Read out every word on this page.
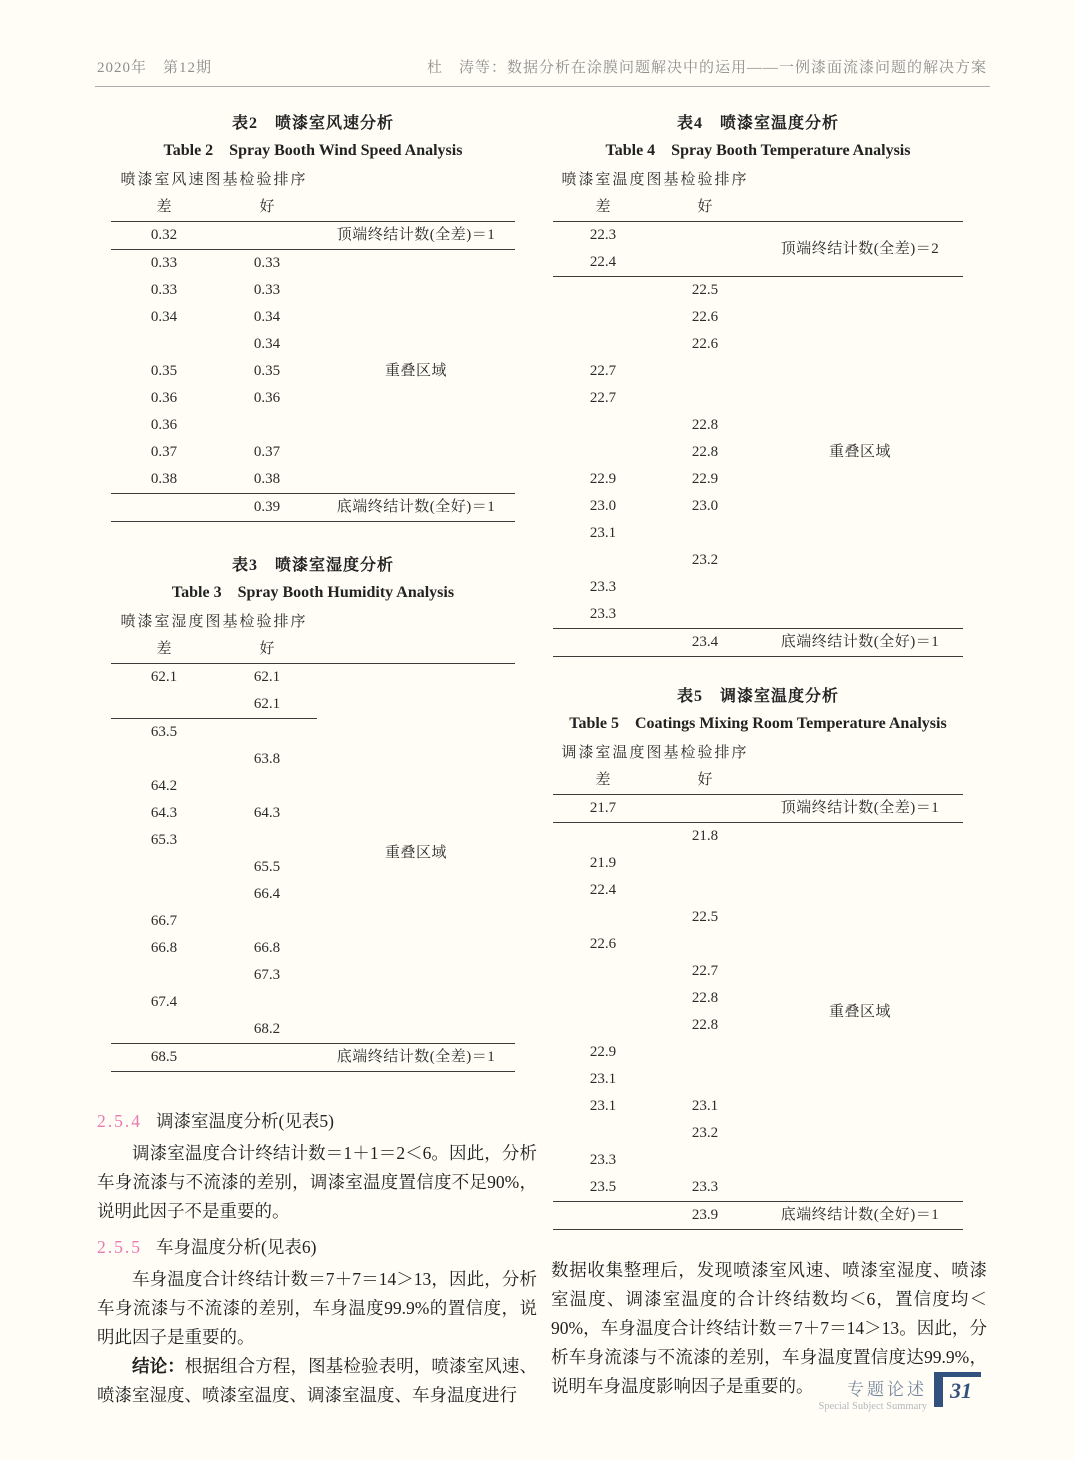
2020年　第12期	杜　涛等：数据分析在涂膜问题解决中的运用——一例漆面流漆问题的解决方案
表2　喷漆室风速分析
Table 2　Spray Booth Wind Speed Analysis
喷漆室风速图基检验排序		
差	好	
0.32		顶端终结计数(全差)＝1
0.33	0.33	重叠区域
0.33	0.33	
0.34	0.34	
	0.34	
0.35	0.35	
0.36	0.36	
0.36		
0.37	0.37	
0.38	0.38	
	0.39	底端终结计数(全好)＝1
表3　喷漆室湿度分析
Table 3　Spray Booth Humidity Analysis
喷漆室湿度图基检验排序		
差	好	
62.1	62.1	重叠区域
	62.1	
63.5		
	63.8	
64.2		
64.3	64.3	
65.3		
	65.5	
	66.4	
66.7		
66.8	66.8	
	67.3	
67.4		
	68.2	
68.5		底端终结计数(全差)＝1
2.5.4 调漆室温度分析(见表5)

调漆室温度合计终结计数＝1＋1＝2＜6。因此，分析车身流漆与不流漆的差别，调漆室温度置信度不足90%，说明此因子不是重要的。

2.5.5 车身温度分析(见表6)

车身温度合计终结计数＝7＋7＝14＞13，因此，分析车身流漆与不流漆的差别，车身温度99.9%的置信度，说明此因子是重要的。

结论：根据组合方程，图基检验表明，喷漆室风速、喷漆室湿度、喷漆室温度、调漆室温度、车身温度进行

表4　喷漆室温度分析
Table 4　Spray Booth Temperature Analysis
喷漆室温度图基检验排序		
差	好	
22.3		顶端终结计数(全差)＝2
22.4		
	22.5	重叠区域
	22.6	
	22.6	
22.7		
22.7		
	22.8	
	22.8	
22.9	22.9	
23.0	23.0	
23.1		
	23.2	
23.3		
23.3		
	23.4	底端终结计数(全好)＝1
表5　调漆室温度分析
Table 5　Coatings Mixing Room Temperature Analysis
调漆室温度图基检验排序		
差	好	
21.7		顶端终结计数(全差)＝1
	21.8	重叠区域
21.9		
22.4		
	22.5	
22.6		
	22.7	
	22.8	
	22.8	
22.9		
23.1		
23.1	23.1	
	23.2	
23.3		
23.5	23.3	
	23.9	底端终结计数(全好)＝1

数据收集整理后，发现喷漆室风速、喷漆室湿度、喷漆室温度、调漆室温度的合计终结数均＜6，置信度均＜90%，车身温度合计终结计数＝7＋7＝14＞13。因此，分析车身流漆与不流漆的差别，车身温度置信度达99.9%，说明车身温度影响因子是重要的。	专题论述
Special Subject Summary
31
